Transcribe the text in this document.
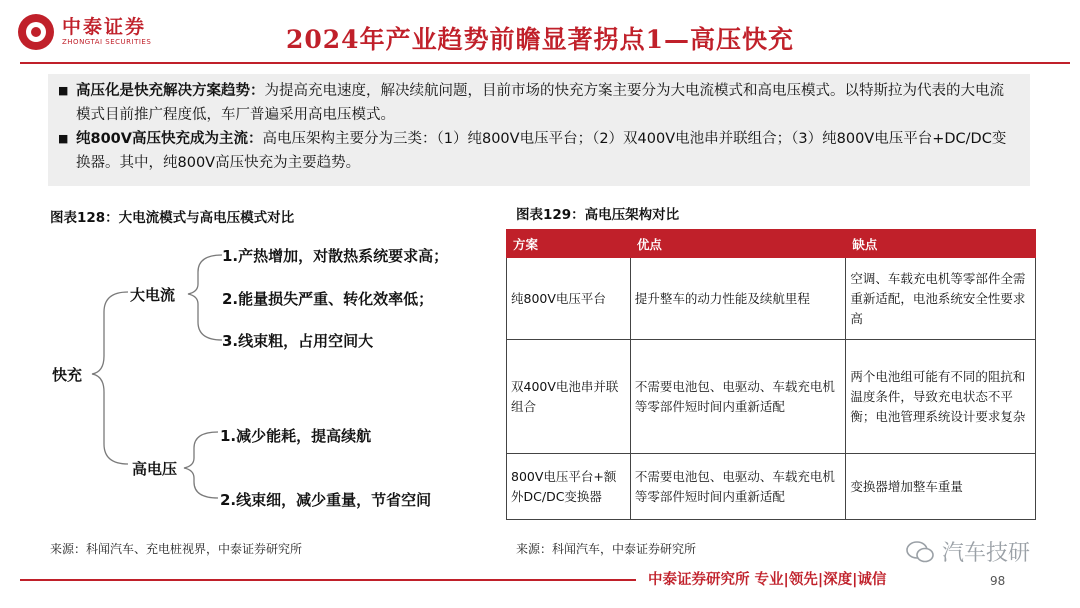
中泰证券
ZHONGTAI SECURITIES	2024年产业趋势前瞻显著拐点1—高压快充
■ 高压化是快充解决方案趋势：为提高充电速度，解决续航问题，目前市场的快充方案主要分为大电流模式和高电压模式。以特斯拉为代表的大电流模式目前推广程度低，车厂普遍采用高电压模式。
■ 纯800V高压快充成为主流：高电压架构主要分为三类：（1）纯800V电压平台；（2）双400V电池串并联组合；（3）纯800V电压平台+DC/DC变换器。其中，纯800V高压快充为主要趋势。
图表128：大电流模式与高电压模式对比
快充
大电流
1.产热增加，对散热系统要求高；
2.能量损失严重、转化效率低；
3.线束粗，占用空间大
高电压
1.减少能耗，提高续航
2.线束细，减少重量，节省空间
来源：科闻汽车、充电桩视界，中泰证券研究所
图表129：高电压架构对比
方案	优点	缺点
纯800V电压平台	提升整车的动力性能及续航里程	空调、车载充电机等零部件全需重新适配，电池系统安全性要求高
双400V电池串并联组合	不需要电池包、电驱动、车载充电机等零部件短时间内重新适配	两个电池组可能有不同的阻抗和温度条件，导致充电状态不平衡；电池管理系统设计要求复杂
800V电压平台+额外DC/DC变换器	不需要电池包、电驱动、车载充电机等零部件短时间内重新适配	变换器增加整车重量
来源：科闻汽车，中泰证券研究所	汽车技研
中泰证券研究所 专业|领先|深度|诚信	98
